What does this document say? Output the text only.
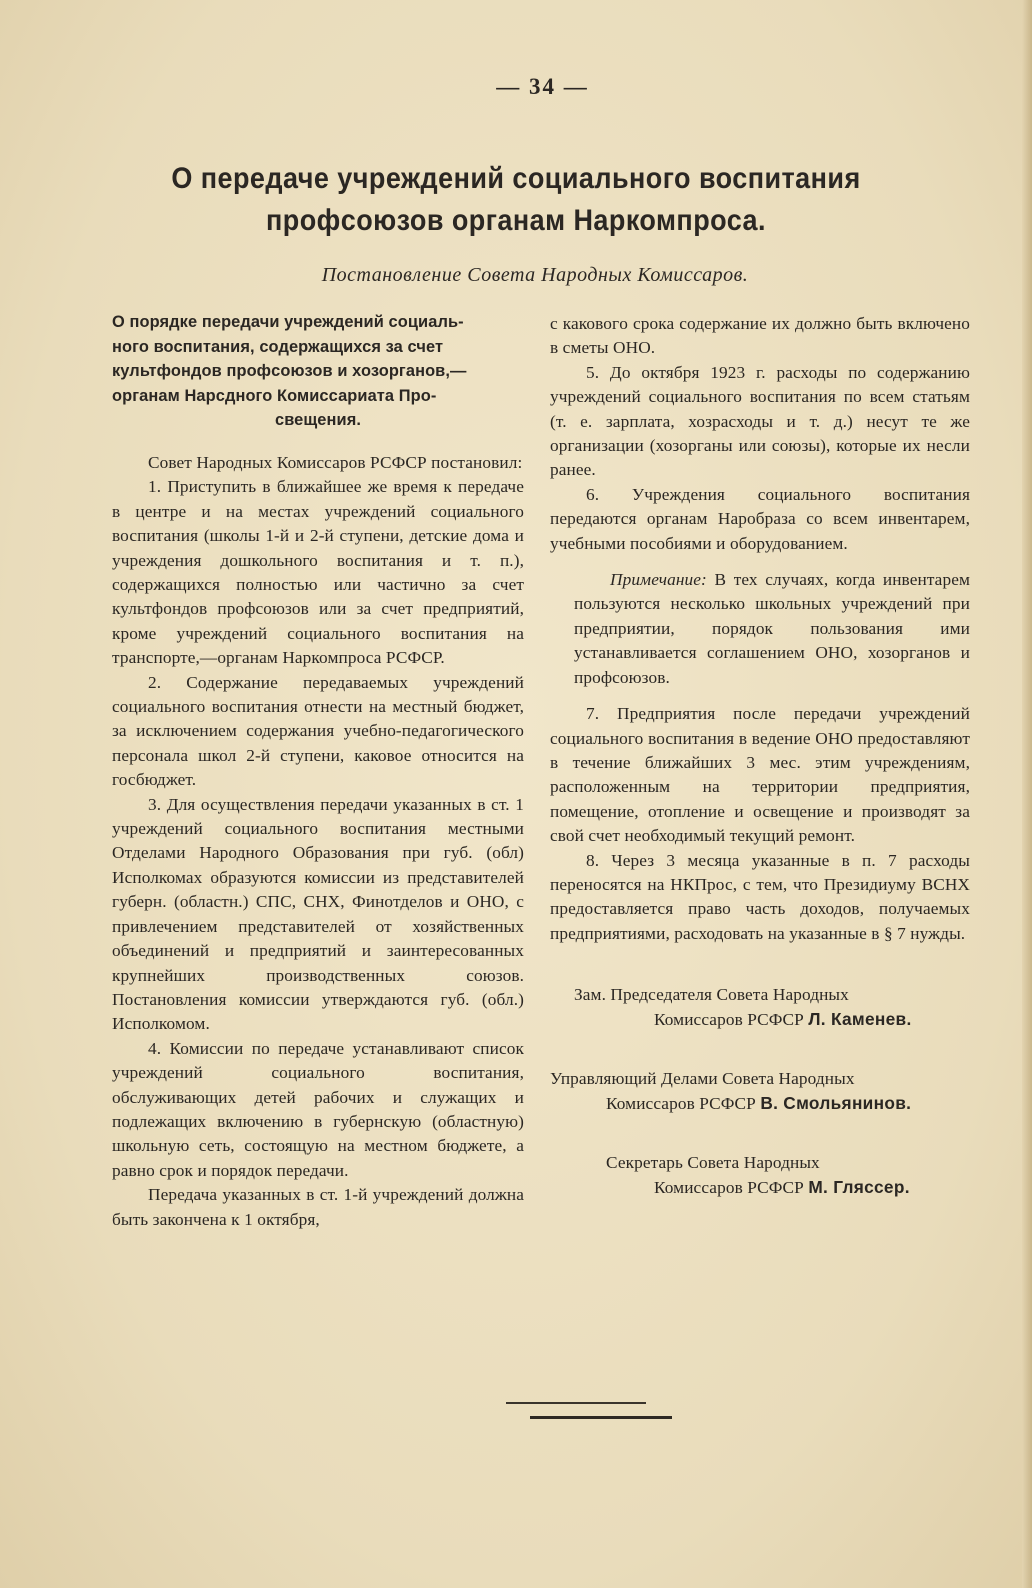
— 34 —
О передаче учреждений социального воспитания профсоюзов органам Наркомпроса.
Постановление Совета Народных Комиссаров.

О порядке передачи учреждений социаль-
ного воспитания, содержащихся за счет
культфондов профсоюзов и хозорганов,—
органам Нарсдного Комиссариата Про-

свещения.

Совет Народных Комиссаров РСФСР постановил:

1. Приступить в ближайшее же время к передаче в центре и на местах учреждений социального воспитания (школы 1-й и 2-й ступени, детские дома и учреждения дошкольного воспитания и т. п.), содержащихся полностью или частично за счет культфондов профсоюзов или за счет предприятий, кроме учреждений социального воспитания на транспорте,—органам Наркомпроса РСФСР.

2. Содержание передаваемых учреждений социального воспитания отнести на местный бюджет, за исключением содержания учебно-педагогического персонала школ 2-й ступени, каковое относится на госбюджет.

3. Для осуществления передачи указанных в ст. 1 учреждений социального воспитания местными Отделами Народного Образования при губ. (обл) Исполкомах образуются комиссии из представителей губерн. (областн.) СПС, СНХ, Финотделов и ОНО, с привлечением представителей от хозяйственных объединений и предприятий и заинтересованных крупнейших производственных союзов. Постановления комиссии утверждаются губ. (обл.) Исполкомом.

4. Комиссии по передаче устанавливают список учреждений социального воспитания, обслуживающих детей рабочих и служащих и подлежащих включению в губернскую (областную) школьную сеть, состоящую на местном бюджете, а равно срок и порядок передачи.

Передача указанных в ст. 1-й учреждений должна быть закончена к 1 октября,

с каковогo срока содержание их должно быть включено в сметы ОНО.

5. До октября 1923 г. расходы по содержанию учреждений социального воспитания по всем статьям (т. е. зарплата, хозрасходы и т. д.) несут те же организации (хозорганы или союзы), которые их несли ранее.

6. Учреждения социального воспитания передаются органам Наробраза со всем инвентарем, учебными пособиями и оборудованием.

Примечание: В тех случаях, когда инвентарем пользуются несколько школьных учреждений при предприятии, порядок пользования ими устанавливается соглашением ОНО, хозорганов и профсоюзов.

7. Предприятия после передачи учреждений социального воспитания в ведение ОНО предоставляют в течение ближайших 3 мес. этим учреждениям, расположенным на территории предприятия, помещение, отопление и освещение и производят за свой счет необходимый текущий ремонт.

8. Через 3 месяца указанные в п. 7 расходы переносятся на НКПрос, с тем, что Президиуму ВСНХ предоставляется право часть доходов, получаемых предприятиями, расходовать на указанные в § 7 нужды.

Зам. Председателя Совета Народных
Комиссаров РСФСР Л. Каменев.

Управляющий Делами Совета Народных
Комиссаров РСФСР В. Смольянинов.

Секретарь Совета Народных
Комиссаров РСФСР М. Гляссер.
